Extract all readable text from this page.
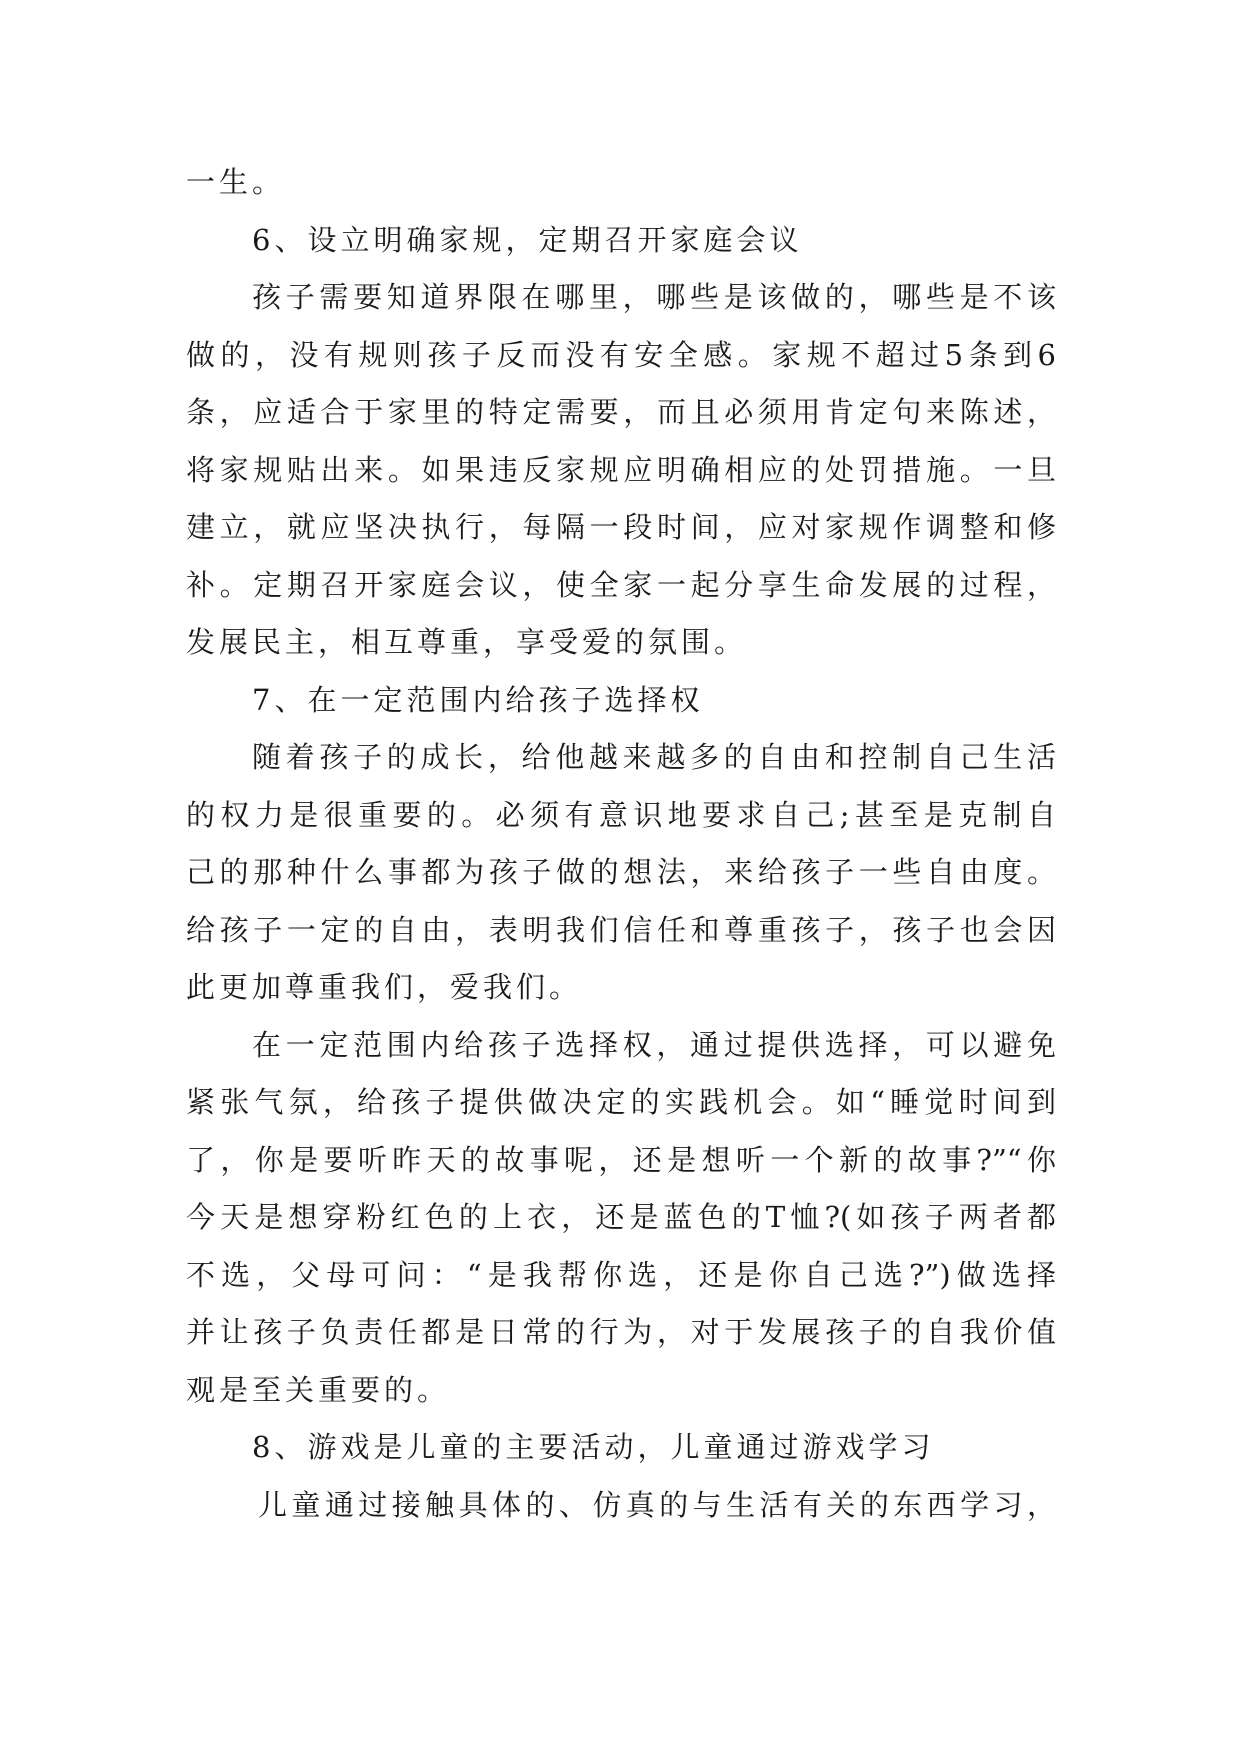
一生。
6、设立明确家规，定期召开家庭会议
孩子需要知道界限在哪里，哪些是该做的，哪些是不该
做的，没有规则孩子反而没有安全感。家规不超过5条到6
条，应适合于家里的特定需要，而且必须用肯定句来陈述，
将家规贴出来。如果违反家规应明确相应的处罚措施。一旦
建立，就应坚决执行，每隔一段时间，应对家规作调整和修
补。定期召开家庭会议，使全家一起分享生命发展的过程，
发展民主，相互尊重，享受爱的氛围。
7、在一定范围内给孩子选择权
随着孩子的成长，给他越来越多的自由和控制自己生活
的权力是很重要的。必须有意识地要求自己;甚至是克制自
己的那种什么事都为孩子做的想法，来给孩子一些自由度。
给孩子一定的自由，表明我们信任和尊重孩子，孩子也会因
此更加尊重我们，爱我们。
在一定范围内给孩子选择权，通过提供选择，可以避免
紧张气氛，给孩子提供做决定的实践机会。如“睡觉时间到
了，你是要听昨天的故事呢，还是想听一个新的故事?”“你
今天是想穿粉红色的上衣，还是蓝色的T恤?(如孩子两者都
不选，父母可问：“是我帮你选，还是你自己选?”)做选择
并让孩子负责任都是日常的行为，对于发展孩子的自我价值
观是至关重要的。
8、游戏是儿童的主要活动，儿童通过游戏学习
儿童通过接触具体的、仿真的与生活有关的东西学习，
